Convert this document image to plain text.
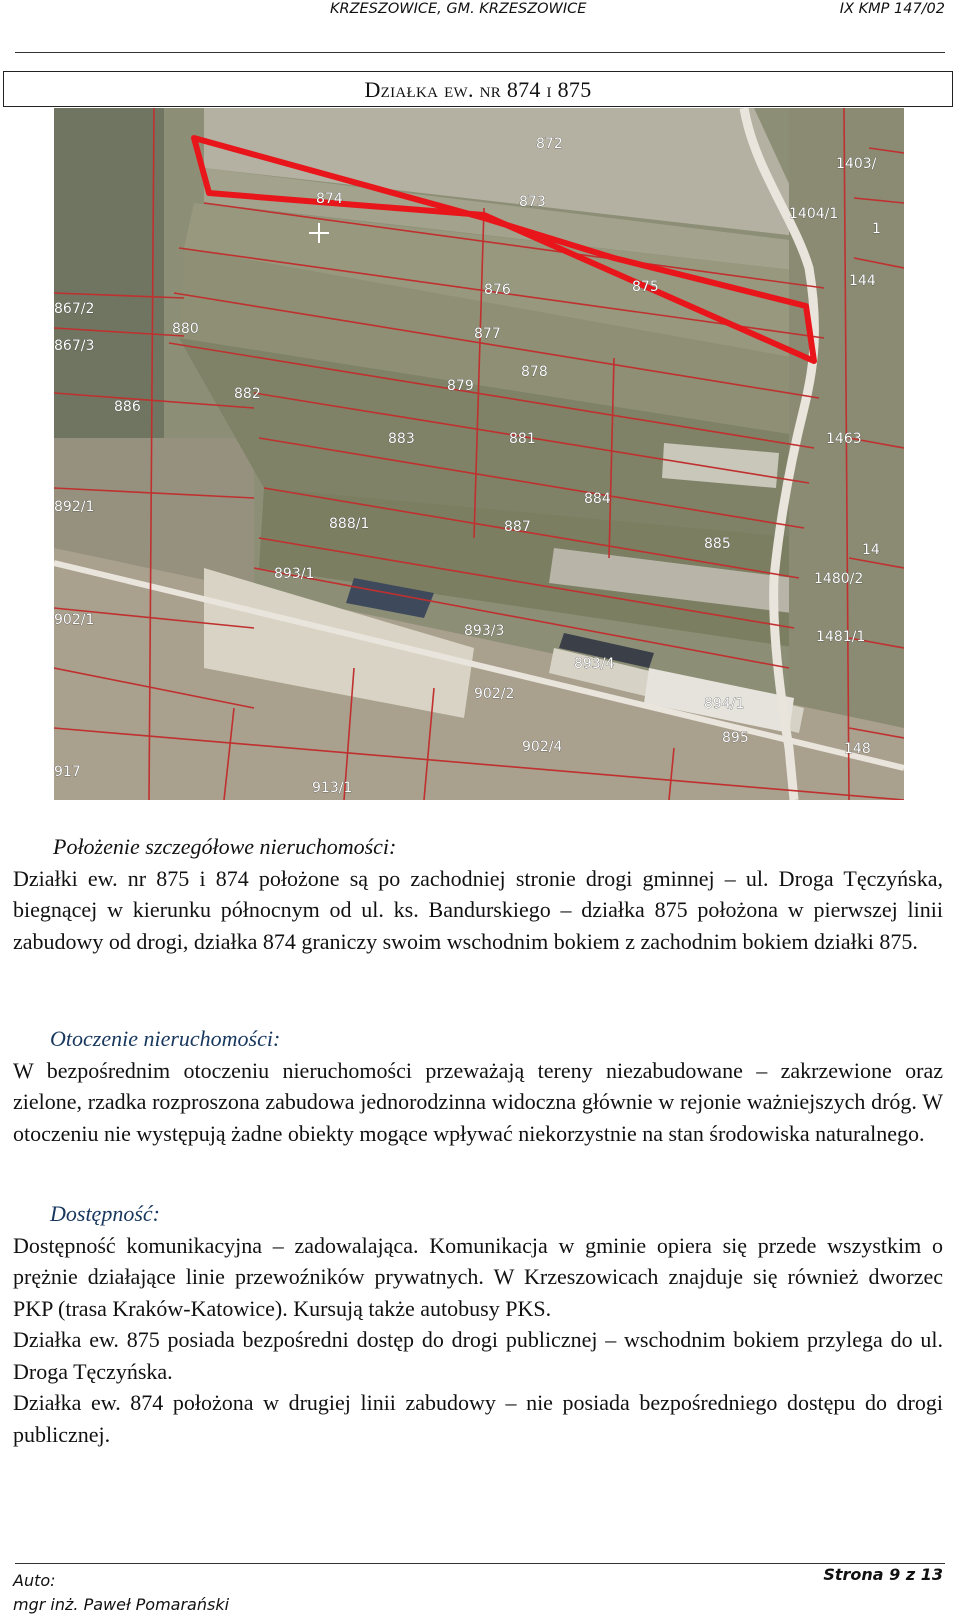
KRZESZOWICE, GM. KRZESZOWICE	IX KMP 147/02
Działka ew. nr 874 i 875
872
874	873
1403/
1404/1
1
144
876	875
867/2
880
867/3
877
878
882	879
886
883	881	1463
884
892/1
888/1	887
885	14
893/1	1480/2
902/1
893/3
893/4
1481/1
902/2
894/1
902/4
895
148
917
913/1

Położenie szczegółowe nieruchomości:

Działki ew. nr 875 i 874 położone są po zachodniej stronie drogi gminnej – ul. Droga Tęczyńska, biegnącej w kierunku północnym od ul. ks. Bandurskiego – działka 875 położona w pierwszej linii zabudowy od drogi, działka 874 graniczy swoim wschodnim bokiem z zachodnim bokiem działki 875.

Otoczenie nieruchomości:

W bezpośrednim otoczeniu nieruchomości przeważają tereny niezabudowane – zakrzewione oraz zielone, rzadka rozproszona zabudowa jednorodzinna widoczna głównie w rejonie ważniejszych dróg. W otoczeniu nie występują żadne obiekty mogące wpływać niekorzystnie na stan środowiska naturalnego.

Dostępność:

Dostępność komunikacyjna – zadowalająca. Komunikacja w gminie opiera się przede wszystkim o prężnie działające linie przewoźników prywatnych. W Krzeszowicach znajduje się również dworzec PKP (trasa Kraków-Katowice). Kursują także autobusy PKS.

Działka ew. 875 posiada bezpośredni dostęp do drogi publicznej – wschodnim bokiem przylega do ul. Droga Tęczyńska.

Działka ew. 874 położona w drugiej linii zabudowy – nie posiada bezpośredniego dostępu do drogi publicznej.

Auto:
mgr inż. Paweł Pomarański
Strona 9 z 13
